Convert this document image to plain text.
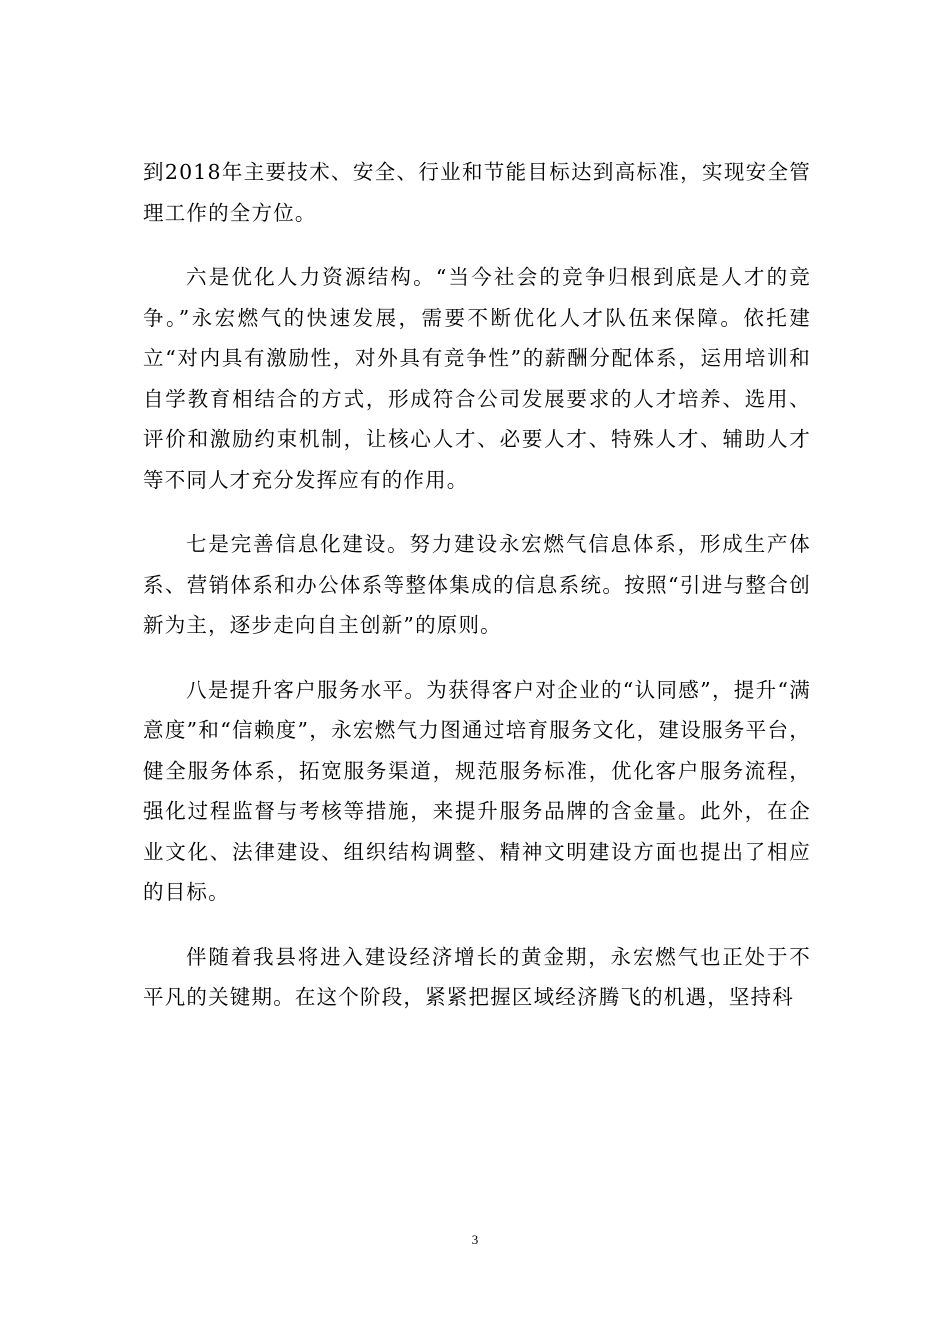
到2018年主要技术、安全、行业和节能目标达到高标准，实现安全管理工作的全方位。

六是优化人力资源结构。“当今社会的竞争归根到底是人才的竞争。”永宏燃气的快速发展，需要不断优化人才队伍来保障。依托建立“对内具有激励性，对外具有竞争性”的薪酬分配体系，运用培训和自学教育相结合的方式，形成符合公司发展要求的人才培养、选用、评价和激励约束机制，让核心人才、必要人才、特殊人才、辅助人才等不同人才充分发挥应有的作用。

七是完善信息化建设。努力建设永宏燃气信息体系，形成生产体系、营销体系和办公体系等整体集成的信息系统。按照“引进与整合创新为主，逐步走向自主创新”的原则。

八是提升客户服务水平。为获得客户对企业的“认同感”，提升“满意度”和“信赖度”，永宏燃气力图通过培育服务文化，建设服务平台，健全服务体系，拓宽服务渠道，规范服务标准，优化客户服务流程，强化过程监督与考核等措施，来提升服务品牌的含金量。此外，在企业文化、法律建设、组织结构调整、精神文明建设方面也提出了相应的目标。

伴随着我县将进入建设经济增长的黄金期，永宏燃气也正处于不平凡的关键期。在这个阶段，紧紧把握区域经济腾飞的机遇，坚持科

3
